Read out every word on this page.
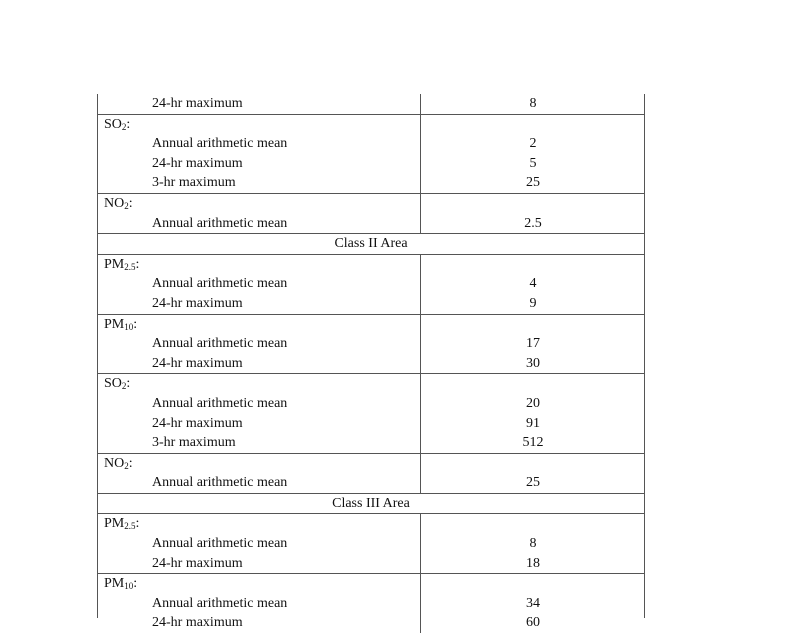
24-hr maximum	8
$SO_2$:
Annual arithmetic mean	2
24-hr maximum	5
3-hr maximum	25
$NO_2$:
Annual arithmetic mean	2.5
Class II Area
$PM_{2.5}$:
Annual arithmetic mean	4
24-hr maximum	9
$PM_{10}$:
Annual arithmetic mean	17
24-hr maximum	30
$SO_2$:
Annual arithmetic mean	20
24-hr maximum	91
3-hr maximum	512
$NO_2$:
Annual arithmetic mean	25
Class III Area
$PM_{2.5}$:
Annual arithmetic mean	8
24-hr maximum	18
$PM_{10}$:
Annual arithmetic mean	34
24-hr maximum	60
